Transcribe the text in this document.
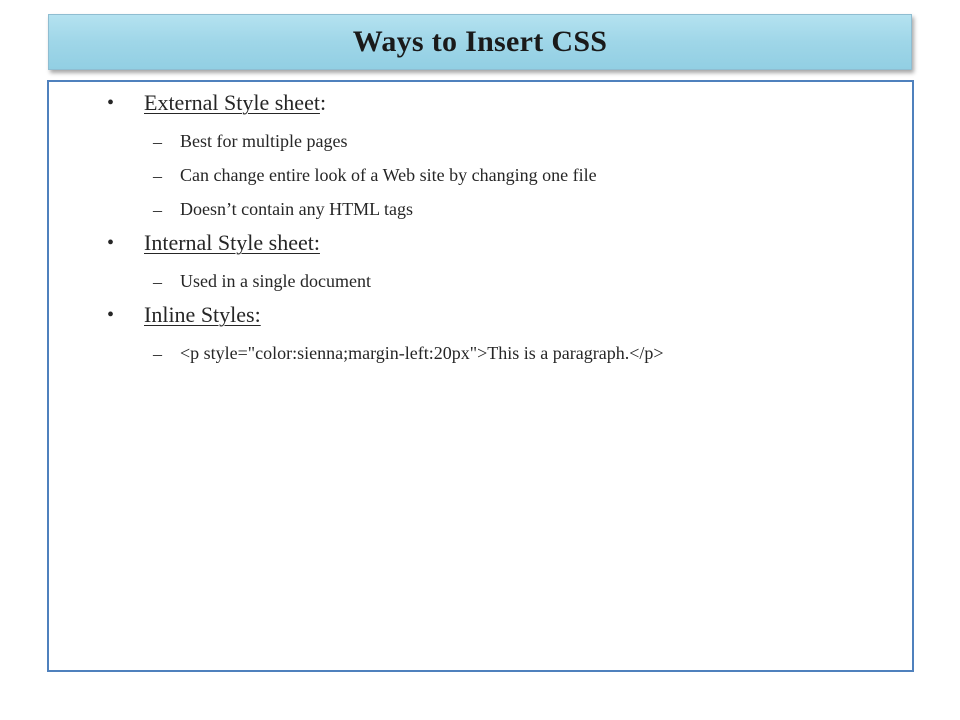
Ways to Insert CSS
• External Style sheet:
– Best for multiple pages
– Can change entire look of a Web site by changing one file
– Doesn’t contain any HTML tags
• Internal Style sheet:
– Used in a single document
• Inline Styles:
– <p style="color:sienna;margin-left:20px">This is a paragraph.</p>
